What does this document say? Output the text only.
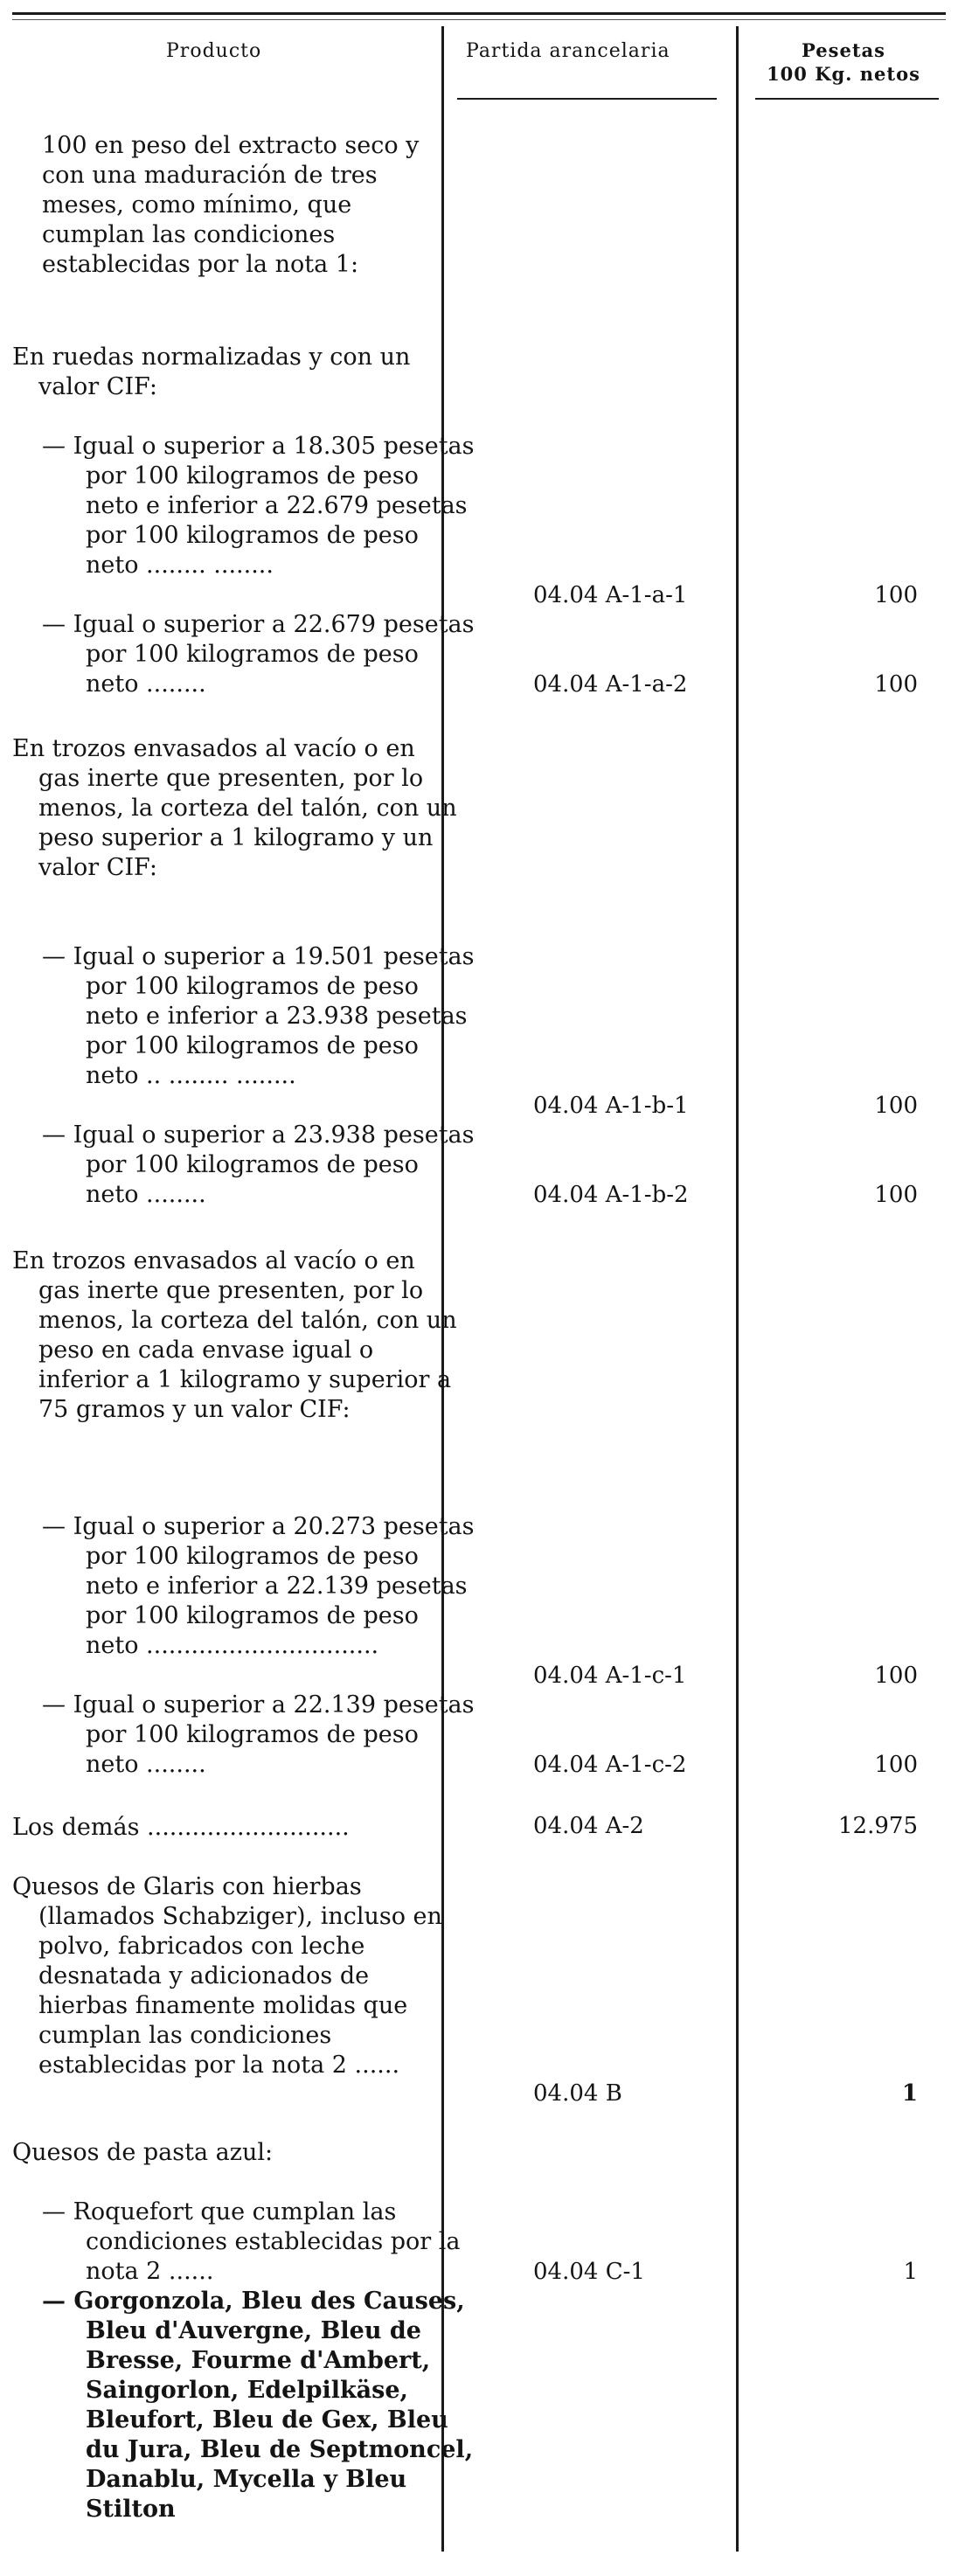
Producto	Partida arancelaria	Pesetas
100 Kg. netos
100 en peso del extracto seco y con una maduración de tres meses, como mínimo, que cumplan las condiciones establecidas por la nota 1:
En ruedas normalizadas y con un valor CIF:
— Igual o superior a 18.305 pesetas por 100 kilogramos de peso neto e inferior a 22.679 pesetas por 100 kilogramos de peso neto ........ ........
— Igual o superior a 22.679 pesetas por 100 kilogramos de peso neto ........
En trozos envasados al vacío o en gas inerte que presenten, por lo menos, la corteza del talón, con un peso superior a 1 kilogramo y un valor CIF:
— Igual o superior a 19.501 pesetas por 100 kilogramos de peso neto e inferior a 23.938 pesetas por 100 kilogramos de peso neto .. ........ ........
— Igual o superior a 23.938 pesetas por 100 kilogramos de peso neto ........
En trozos envasados al vacío o en gas inerte que presenten, por lo menos, la corteza del talón, con un peso en cada envase igual o inferior a 1 kilogramo y superior a 75 gramos y un valor CIF:
— Igual o superior a 20.273 pesetas por 100 kilogramos de peso neto e inferior a 22.139 pesetas por 100 kilogramos de peso neto ...............................
— Igual o superior a 22.139 pesetas por 100 kilogramos de peso neto ........
Los demás ...........................
Quesos de Glaris con hierbas (llamados Schabziger), incluso en polvo, fabricados con leche desnatada y adicionados de hierbas finamente molidas que cumplan las condiciones establecidas por la nota 2 ......
Quesos de pasta azul:
— Roquefort que cumplan las condiciones establecidas por la nota 2 ......
— Gorgonzola, Bleu des Causes, Bleu d'Auvergne, Bleu de Bresse, Fourme d'Ambert, Saingorlon, Edelpilkäse, Bleufort, Bleu de Gex, Bleu du Jura, Bleu de Septmoncel, Danablu, Mycella y Bleu Stilton
04.04 A-1-a-1
04.04 A-1-a-2
04.04 A-1-b-1
04.04 A-1-b-2
04.04 A-1-c-1
04.04 A-1-c-2
04.04 A-2
04.04 B
04.04 C-1
100
100
100
100
100
100
12.975
1
1
